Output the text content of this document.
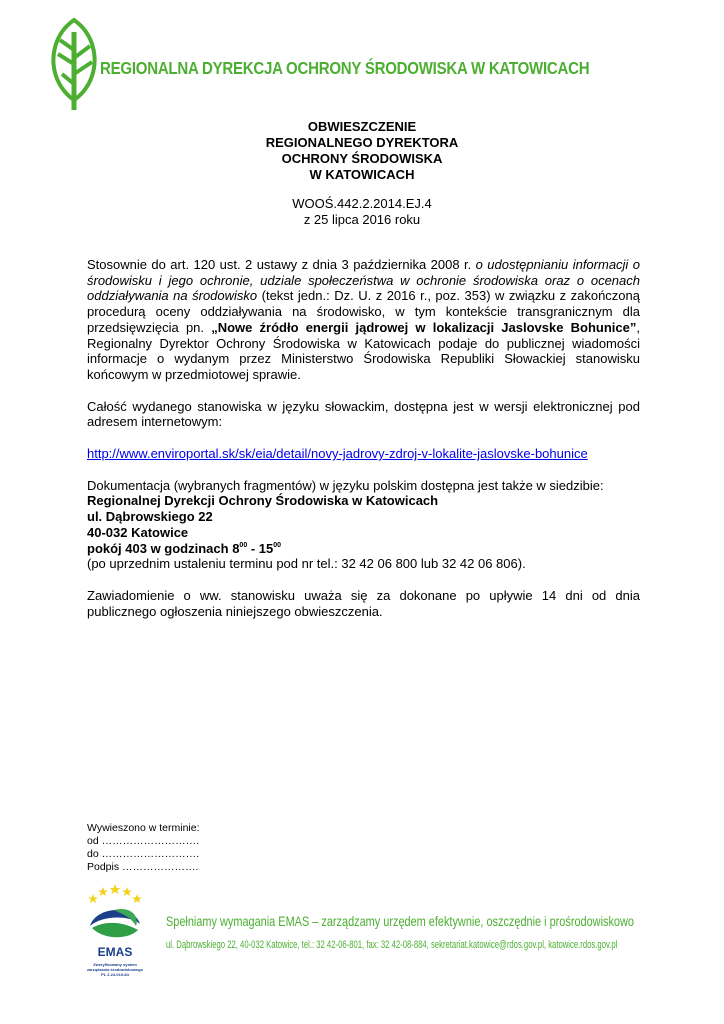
REGIONALNA DYREKCJA OCHRONY ŚRODOWISKA W KATOWICACH
OBWIESZCZENIE
REGIONALNEGO DYREKTORA
OCHRONY ŚRODOWISKA
W KATOWICACH
WOOŚ.442.2.2014.EJ.4
z 25 lipca 2016 roku

Stosownie do art. 120 ust. 2 ustawy z dnia 3 października 2008 r. o udostępnianiu informacji o środowisku i jego ochronie, udziale społeczeństwa w ochronie środowiska oraz o ocenach oddziaływania na środowisko (tekst jedn.: Dz. U. z 2016 r., poz. 353) w związku z zakończoną procedurą oceny oddziaływania na środowisko, w tym kontekście transgranicznym dla przedsięwzięcia pn. „Nowe źródło energii jądrowej w lokalizacji Jaslovske Bohunice”, Regionalny Dyrektor Ochrony Środowiska w Katowicach podaje do publicznej wiadomości informacje o wydanym przez Ministerstwo Środowiska Republiki Słowackiej stanowisku końcowym w przedmiotowej sprawie.

Całość wydanego stanowiska w języku słowackim, dostępna jest w wersji elektronicznej pod adresem internetowym:

http://www.enviroportal.sk/sk/eia/detail/novy-jadrovy-zdroj-v-lokalite-jaslovske-bohunice

Dokumentacja (wybranych fragmentów) w języku polskim dostępna jest także w siedzibie:

Regionalnej Dyrekcji Ochrony Środowiska w Katowicach
ul. Dąbrowskiego 22
40-032 Katowice
pokój 403 w godzinach $8^{00} - 15^{00}$

(po uprzednim ustaleniu terminu pod nr tel.: 32 42 06 800 lub 32 42 06 806).

Zawiadomienie o ww. stanowisku uważa się za dokonane po upływie 14 dni od dnia publicznego ogłoszenia niniejszego obwieszczenia.

Wywieszono w terminie:
od ……………………….
do ……………………….
Podpis ………………….
EMAS
Zweryfikowany system zarządzania środowiskowego PL 2.24-019-84
Spełniamy wymagania EMAS – zarządzamy urzędem efektywnie, oszczędnie i prośrodowiskowo
ul. Dąbrowskiego 22, 40-032 Katowice, tel.: 32 42-06-801, fax: 32 42-08-884, sekretariat.katowice@rdos.gov.pl, katowice.rdos.gov.pl
